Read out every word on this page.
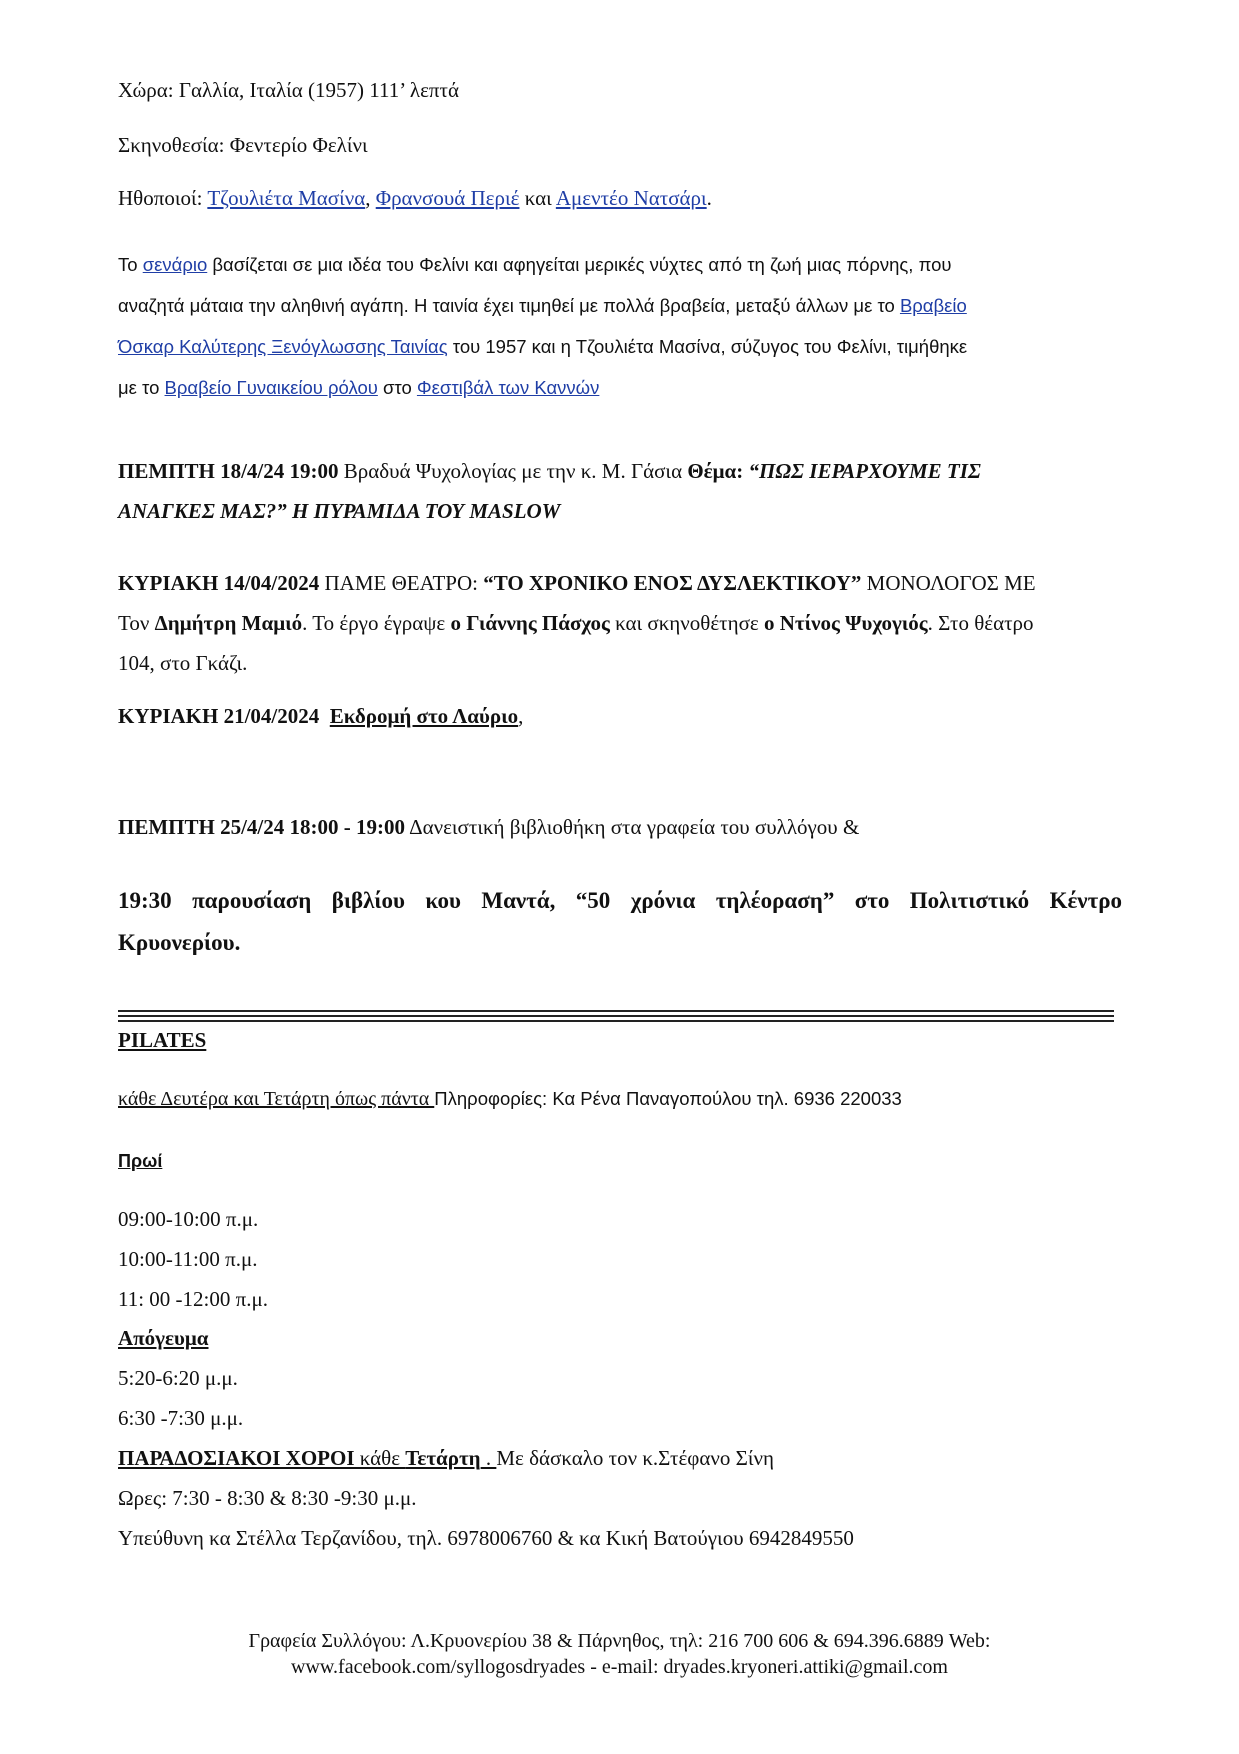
Χώρα: Γαλλία, Ιταλία (1957) 111’ λεπτά
Σκηνοθεσία: Φεντερίο Φελίνι
Ηθοποιοί: Τζουλιέτα Μασίνα, Φρανσουά Περιέ και Αμεντέο Νατσάρι.
Το σενάριο βασίζεται σε μια ιδέα του Φελίνι και αφηγείται μερικές νύχτες από τη ζωή μιας πόρνης, που
αναζητά μάταια την αληθινή αγάπη. Η ταινία έχει τιμηθεί με πολλά βραβεία, μεταξύ άλλων με το Βραβείο
Όσκαρ Καλύτερης Ξενόγλωσσης Ταινίας του 1957 και η Τζουλιέτα Μασίνα, σύζυγος του Φελίνι, τιμήθηκε
με το Βραβείο Γυναικείου ρόλου στο Φεστιβάλ των Καννών
ΠΕΜΠΤΗ 18/4/24 19:00 Βραδυά Ψυχολογίας με την κ. Μ. Γάσια Θέμα: “ΠΩΣ ΙΕΡΑΡΧΟΥΜΕ ΤΙΣ
ΑΝΑΓΚΕΣ ΜΑΣ?” Η ΠΥΡΑΜΙΔΑ ΤΟΥ MASLOW
ΚΥΡΙΑΚΗ 14/04/2024 ΠΑΜΕ ΘΕΑΤΡΟ: “ΤΟ ΧΡΟΝΙΚΟ ΕΝΟΣ ΔΥΣΛΕΚΤΙΚΟΥ” ΜΟΝΟΛΟΓΟΣ ΜΕ
Τον Δημήτρη Μαμιό. Το έργο έγραψε ο Γιάννης Πάσχος και σκηνοθέτησε ο Ντίνος Ψυχογιός. Στο θέατρο
104, στο Γκάζι.
ΚΥΡΙΑΚΗ 21/04/2024 Εκδρομή στο Λαύριο,
ΠΕΜΠΤΗ 25/4/24 18:00 - 19:00 Δανειστική βιβλιοθήκη στα γραφεία του συλλόγου &
19:30 παρουσίαση βιβλίου κου Μαντά, “50 χρόνια τηλέοραση” στο Πολιτιστικό Κέντρο
Κρυονερίου.
PILATES
κάθε Δευτέρα και Τετάρτη όπως πάντα Πληροφορίες: Κα Ρένα Παναγοπούλου τηλ. 6936 220033
Πρωί
09:00-10:00 π.μ.
10:00-11:00 π.μ.
11: 00 -12:00 π.μ.
Απόγευμα
5:20-6:20 μ.μ.
6:30 -7:30 μ.μ.
ΠΑΡΑΔΟΣΙΑΚΟΙ ΧΟΡΟΙ κάθε Τετάρτη . Με δάσκαλο τον κ.Στέφανο Σίνη
Ωρες: 7:30 - 8:30 & 8:30 -9:30 μ.μ.
Υπεύθυνη κα Στέλλα Τερζανίδου, τηλ. 6978006760 & κα Κική Βατούγιου 6942849550
Γραφεία Συλλόγου: Λ.Κρυονερίου 38 & Πάρνηθος, τηλ: 216 700 606 & 694.396.6889 Web:
www.facebook.com/syllogosdryades - e-mail: dryades.kryoneri.attiki@gmail.com
